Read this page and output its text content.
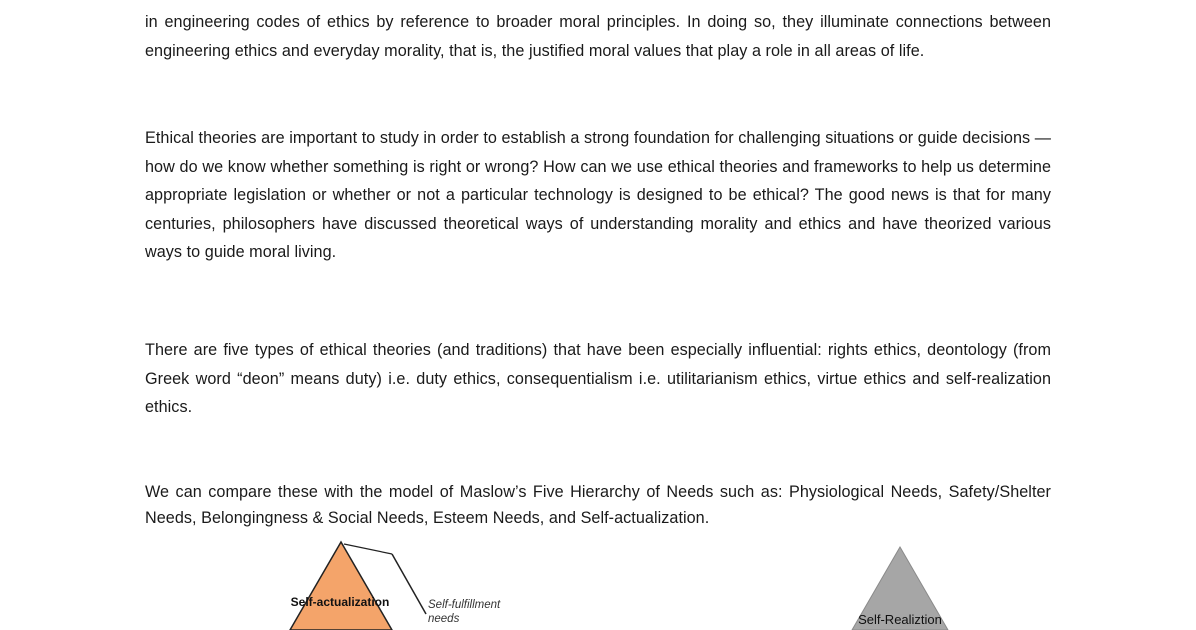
in engineering codes of ethics by reference to broader moral principles. In doing so, they illuminate connections between engineering ethics and everyday morality, that is, the justified moral values that play a role in all areas of life.

Ethical theories are important to study in order to establish a strong foundation for challenging situations or guide decisions — how do we know whether something is right or wrong? How can we use ethical theories and frameworks to help us determine appropriate legislation or whether or not a particular technology is designed to be ethical? The good news is that for many centuries, philosophers have discussed theoretical ways of understanding morality and ethics and have theorized various ways to guide moral living.

There are five types of ethical theories (and traditions) that have been especially influential: rights ethics, deontology (from Greek word “deon” means duty) i.e. duty ethics, consequentialism i.e. utilitarianism ethics, virtue ethics and self-realization ethics.

We can compare these with the model of Maslow’s Five Hierarchy of Needs such as: Physiological Needs, Safety/Shelter Needs, Belongingness & Social Needs, Esteem Needs, and Self-actualization.

Self-actualization	Self-fulfillment
needs	Self-Realiztion
